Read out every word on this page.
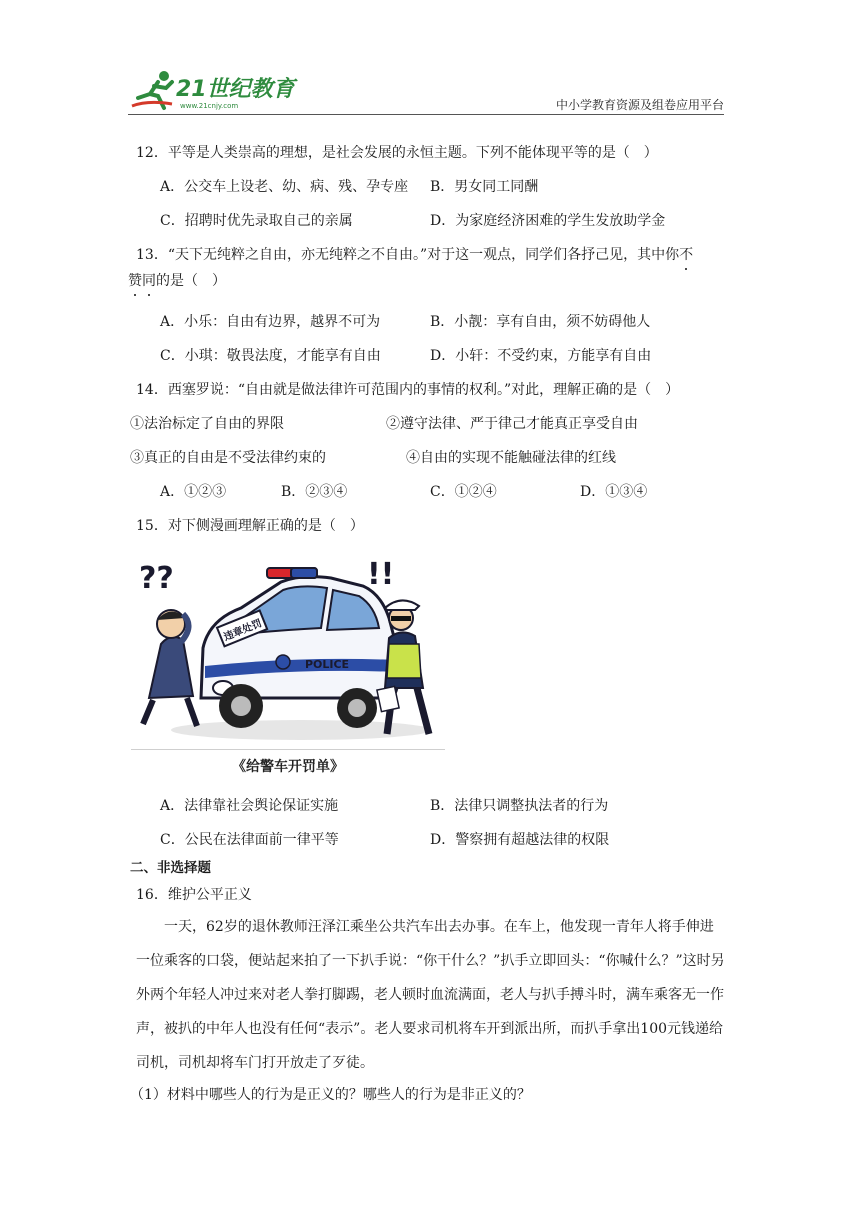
21世纪教育
www.21cnjy.com	中小学教育资源及组卷应用平台
12．平等是人类崇高的理想，是社会发展的永恒主题。下列不能体现平等的是（　）
A．公交车上设老、幼、病、残、孕专座 B．男女同工同酬
C．招聘时优先录取自己的亲属	D．为家庭经济困难的学生发放助学金
13．“天下无纯粹之自由，亦无纯粹之不自由。”对于这一观点，同学们各抒己见，其中你不
赞同的是（　）
A．小乐：自由有边界，越界不可为	B．小靓：享有自由，须不妨碍他人
C．小琪：敬畏法度，才能享有自由	D．小轩：不受约束，方能享有自由
14．西塞罗说：“自由就是做法律许可范围内的事情的权利。”对此，理解正确的是（　）
①法治标定了自由的界限	②遵守法律、严于律己才能真正享受自由
③真正的自由是不受法律约束的	④自由的实现不能触碰法律的红线
A．①②③	B．②③④	C．①②④	D．①③④
15．对下侧漫画理解正确的是（　）
违章处罚
POLICE
??	!!
《给警车开罚单》
A．法律靠社会舆论保证实施	B．法律只调整执法者的行为
C．公民在法律面前一律平等	D．警察拥有超越法律的权限
二、非选择题
16．维护公平正义
一天，62岁的退休教师汪泽江乘坐公共汽车出去办事。在车上，他发现一青年人将手伸进一位乘客的口袋，便站起来拍了一下扒手说：“你干什么？”扒手立即回头：“你喊什么？”这时另外两个年轻人冲过来对老人拳打脚踢，老人顿时血流满面，老人与扒手搏斗时，满车乘客无一作声，被扒的中年人也没有任何“表示”。老人要求司机将车开到派出所，而扒手拿出100元钱递给司机，司机却将车门打开放走了歹徒。
（1）材料中哪些人的行为是正义的？哪些人的行为是非正义的？
